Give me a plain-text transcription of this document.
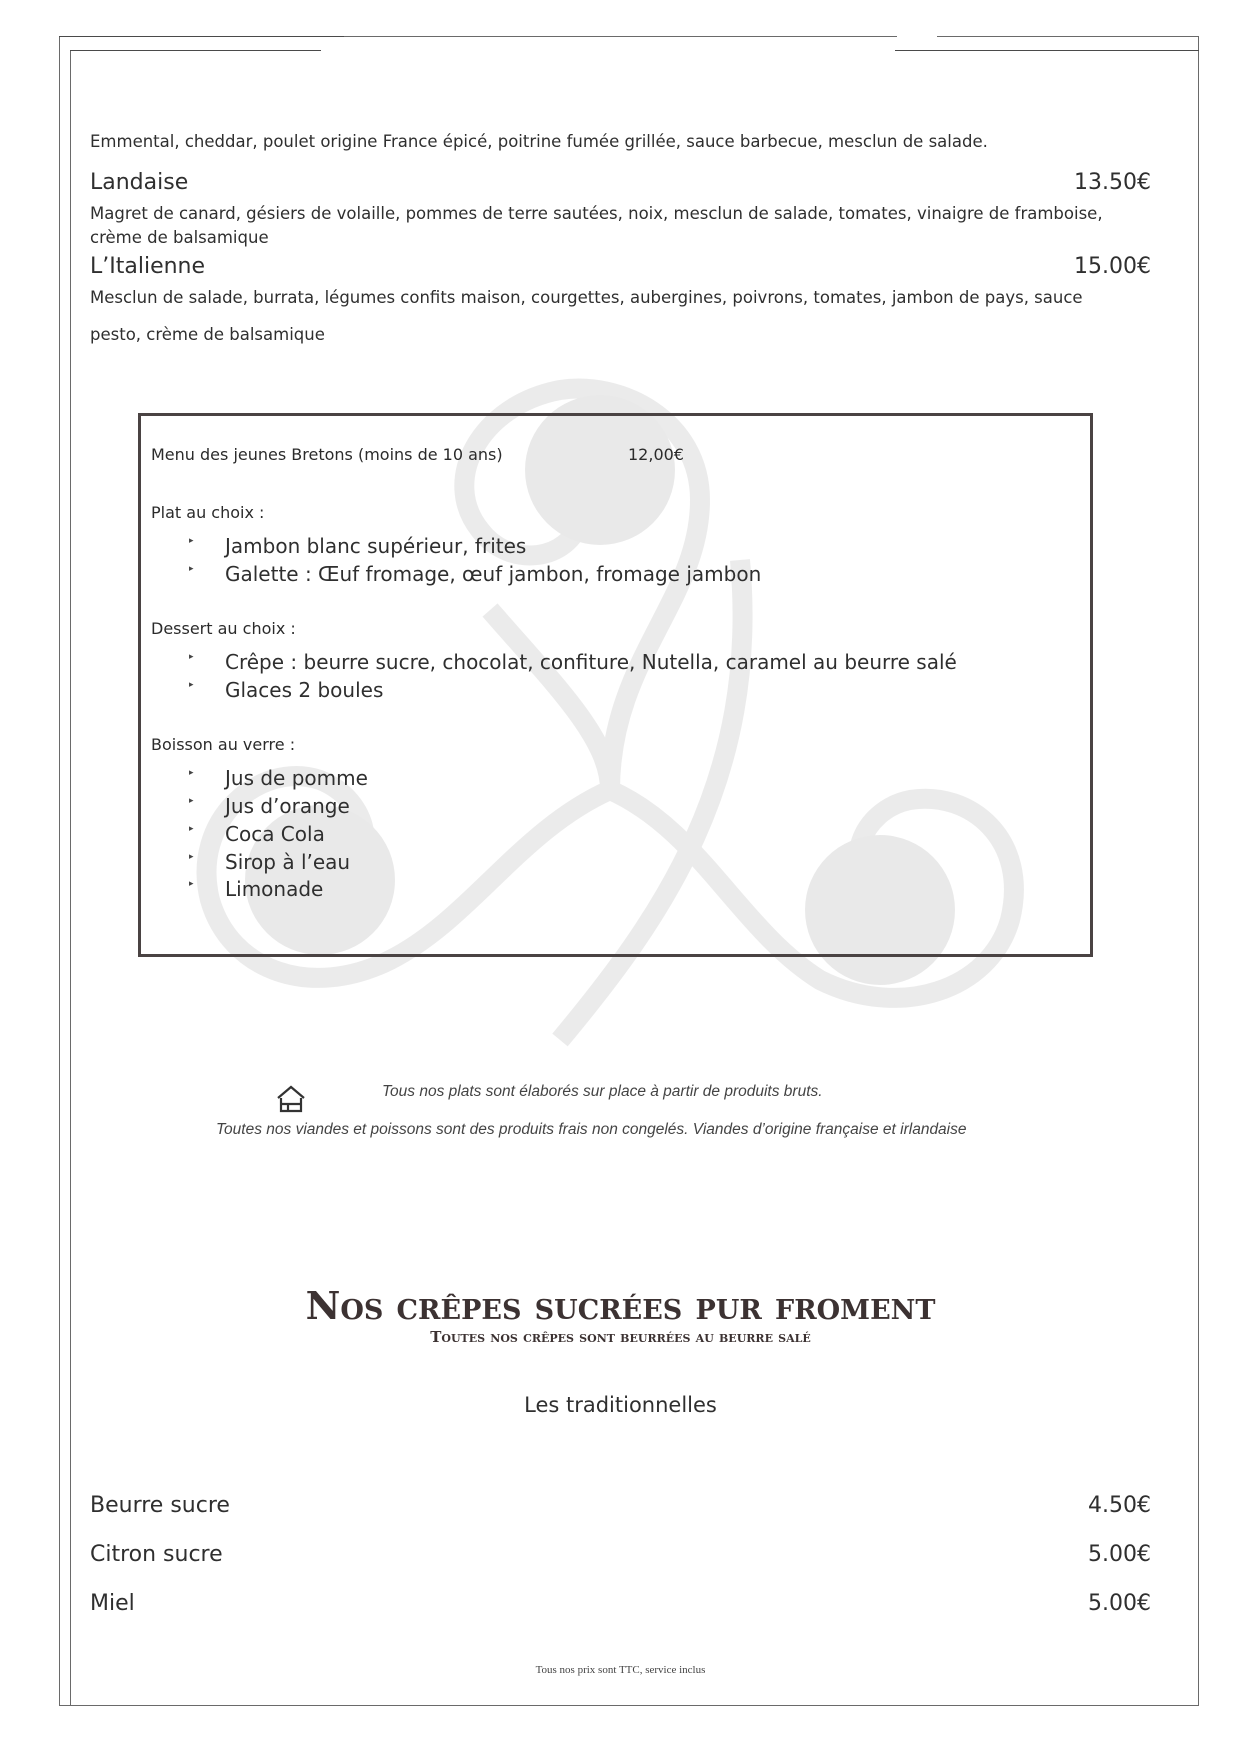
Emmental, cheddar, poulet origine France épicé, poitrine fumée grillée, sauce barbecue, mesclun de salade.
Landaise	13.50€
Magret de canard, gésiers de volaille, pommes de terre sautées, noix, mesclun de salade, tomates, vinaigre de framboise,
crème de balsamique
L’Italienne	15.00€
Mesclun de salade, burrata, légumes confits maison, courgettes, aubergines, poivrons, tomates, jambon de pays, sauce
pesto, crème de balsamique
Menu des jeunes Bretons (moins de 10 ans)	12,00€
Plat au choix :
▸ Jambon blanc supérieur, frites
▸ Galette : Œuf fromage, œuf jambon, fromage jambon
Dessert au choix :
▸ Crêpe : beurre sucre, chocolat, confiture, Nutella, caramel au beurre salé
▸ Glaces 2 boules
Boisson au verre :
▸ Jus de pomme
▸ Jus d’orange
▸ Coca Cola
▸ Sirop à l’eau
▸ Limonade
Tous nos plats sont élaborés sur place à partir de produits bruts.
Toutes nos viandes et poissons sont des produits frais non congelés. Viandes d’origine française et irlandaise
Nos crêpes sucrées pur froment
Toutes nos crêpes sont beurrées au beurre salé
Les traditionnelles
Beurre sucre	4.50€
Citron sucre	5.00€
Miel	5.00€
Tous nos prix sont TTC, service inclus
